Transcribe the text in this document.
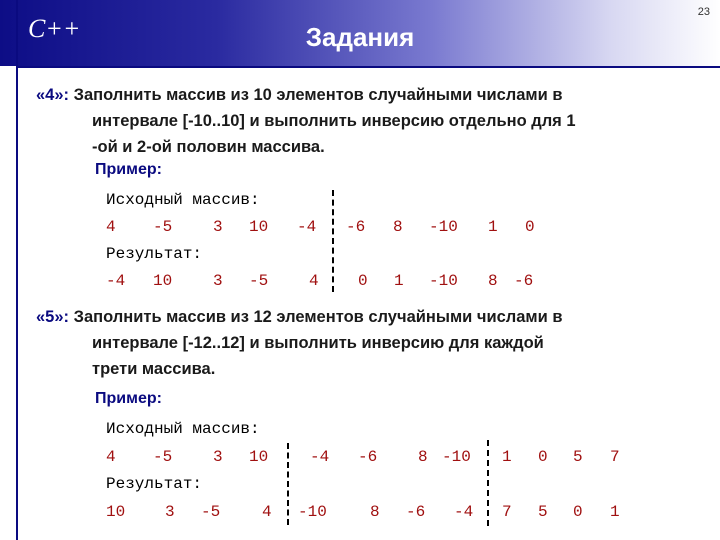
C++	Задания
23
«4»: Заполнить массив из 10 элементов случайными числами в
интервале [-10..10] и выполнить инверсию отдельно для 1
-ой и 2-ой половин массива.
Пример:
Исходный массив:
Результат:
4 -5	3 10 -4 -6 8 -10 1 0
-4 10	3 -5	4 0 1 -10 8 -6
«5»: Заполнить массив из 12 элементов случайными числами в
интервале [-12..12] и выполнить инверсию для каждой
трети массива.
Пример:
Исходный массив:
Результат:
4 -5	3 10	-4 -6	8 -10 1 0 5 7
10 3 -5	4 -10	8 -6 -4 7 5 0 1
